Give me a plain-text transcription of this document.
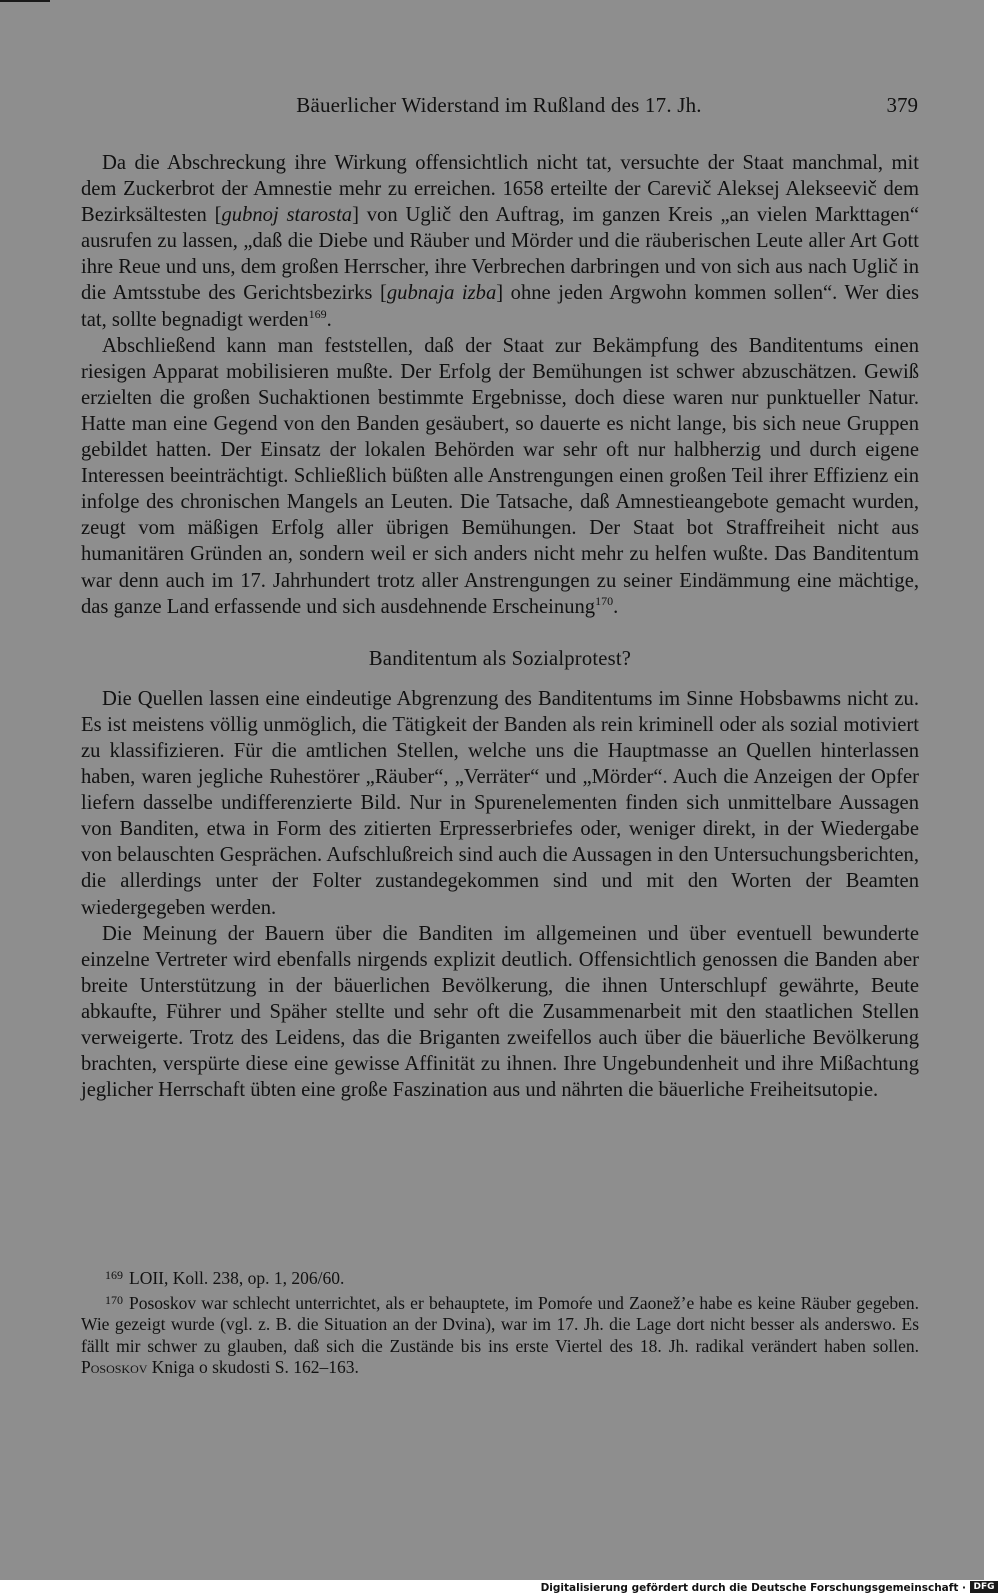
Bäuerlicher Widerstand im Rußland des 17. Jh.	379

Da die Abschreckung ihre Wirkung offensichtlich nicht tat, versuchte der Staat manchmal, mit dem Zuckerbrot der Amnestie mehr zu erreichen. 1658 erteilte der Carevič Aleksej Alekseevič dem Bezirksältesten [gubnoj starosta] von Uglič den Auftrag, im ganzen Kreis „an vielen Markttagen“ ausrufen zu lassen, „daß die Diebe und Räuber und Mörder und die räuberischen Leute aller Art Gott ihre Reue und uns, dem großen Herrscher, ihre Verbrechen darbringen und von sich aus nach Uglič in die Amtsstube des Gerichtsbezirks [gubnaja izba] ohne jeden Argwohn kommen sollen“. Wer dies tat, sollte begnadigt werden$^{169}$.

Abschließend kann man feststellen, daß der Staat zur Bekämpfung des Banditentums einen riesigen Apparat mobilisieren mußte. Der Erfolg der Bemühungen ist schwer abzuschätzen. Gewiß erzielten die großen Suchaktionen bestimmte Ergebnisse, doch diese waren nur punktueller Natur. Hatte man eine Gegend von den Banden gesäubert, so dauerte es nicht lange, bis sich neue Gruppen gebildet hatten. Der Einsatz der lokalen Behörden war sehr oft nur halbherzig und durch eigene Interessen beeinträchtigt. Schließlich büßten alle Anstrengungen einen großen Teil ihrer Effizienz ein infolge des chronischen Mangels an Leuten. Die Tatsache, daß Amnestieangebote gemacht wurden, zeugt vom mäßigen Erfolg aller übrigen Bemühungen. Der Staat bot Straffreiheit nicht aus humanitären Gründen an, sondern weil er sich anders nicht mehr zu helfen wußte. Das Banditentum war denn auch im 17. Jahrhundert trotz aller Anstrengungen zu seiner Eindämmung eine mächtige, das ganze Land erfassende und sich ausdehnende Erscheinung$^{170}$.

Banditentum als Sozialprotest?

Die Quellen lassen eine eindeutige Abgrenzung des Banditentums im Sinne Hobsbawms nicht zu. Es ist meistens völlig unmöglich, die Tätigkeit der Banden als rein kriminell oder als sozial motiviert zu klassifizieren. Für die amtlichen Stellen, welche uns die Hauptmasse an Quellen hinterlassen haben, waren jegliche Ruhestörer „Räuber“, „Verräter“ und „Mörder“. Auch die Anzeigen der Opfer liefern dasselbe undifferenzierte Bild. Nur in Spurenelementen finden sich unmittelbare Aussagen von Banditen, etwa in Form des zitierten Erpresserbriefes oder, weniger direkt, in der Wiedergabe von belauschten Gesprächen. Aufschlußreich sind auch die Aussagen in den Untersuchungsberichten, die allerdings unter der Folter zustandegekommen sind und mit den Worten der Beamten wiedergegeben werden.

Die Meinung der Bauern über die Banditen im allgemeinen und über eventuell bewunderte einzelne Vertreter wird ebenfalls nirgends explizit deutlich. Offensichtlich genossen die Banden aber breite Unterstützung in der bäuerlichen Bevölkerung, die ihnen Unterschlupf gewährte, Beute abkaufte, Führer und Späher stellte und sehr oft die Zusammenarbeit mit den staatlichen Stellen verweigerte. Trotz des Leidens, das die Briganten zweifellos auch über die bäuerliche Bevölkerung brachten, verspürte diese eine gewisse Affinität zu ihnen. Ihre Ungebundenheit und ihre Mißachtung jeglicher Herrschaft übten eine große Faszination aus und nährten die bäuerliche Freiheitsutopie.

$^{169}$ LOII, Koll. 238, op. 1, 206/60.

$^{170}$ Pososkov war schlecht unterrichtet, als er behauptete, im Pomoŕe und Zaonež’e habe es keine Räuber gegeben. Wie gezeigt wurde (vgl. z. B. die Situation an der Dvina), war im 17. Jh. die Lage dort nicht besser als anderswo. Es fällt mir schwer zu glauben, daß sich die Zustände bis ins erste Viertel des 18. Jh. radikal verändert haben sollen. Pososkov Kniga o skudosti S. 162–163.

Digitalisierung gefördert durch die Deutsche Forschungsgemeinschaft · DFG
